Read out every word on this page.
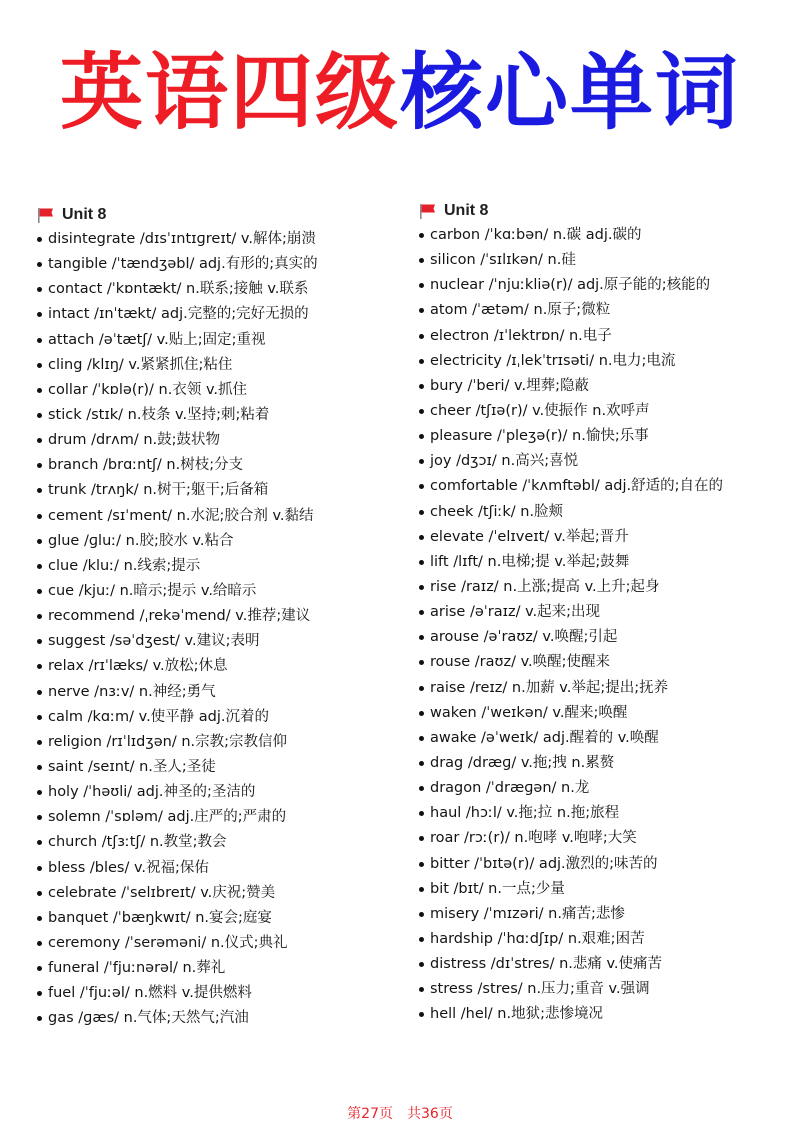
英语四级核心单词
Unit 8
disintegrate /dɪsˈɪntɪɡreɪt/ v.解体;崩溃
tangible /ˈtændʒəbl/ adj.有形的;真实的
contact /ˈkɒntækt/ n.联系;接触 v.联系
intact /ɪnˈtækt/ adj.完整的;完好无损的
attach /əˈtætʃ/ v.贴上;固定;重视
cling /klɪŋ/ v.紧紧抓住;粘住
collar /ˈkɒlə(r)/ n.衣领 v.抓住
stick /stɪk/ n.枝条 v.坚持;刺;粘着
drum /drʌm/ n.鼓;鼓状物
branch /brɑːntʃ/ n.树枝;分支
trunk /trʌŋk/ n.树干;躯干;后备箱
cement /sɪˈment/ n.水泥;胶合剂 v.黏结
glue /ɡluː/ n.胶;胶水 v.粘合
clue /kluː/ n.线索;提示
cue /kjuː/ n.暗示;提示 v.给暗示
recommend /ˌrekəˈmend/ v.推荐;建议
suggest /səˈdʒest/ v.建议;表明
relax /rɪˈlæks/ v.放松;休息
nerve /nɜːv/ n.神经;勇气
calm /kɑːm/ v.使平静 adj.沉着的
religion /rɪˈlɪdʒən/ n.宗教;宗教信仰
saint /seɪnt/ n.圣人;圣徒
holy /ˈhəʊli/ adj.神圣的;圣洁的
solemn /ˈsɒləm/ adj.庄严的;严肃的
church /tʃɜːtʃ/ n.教堂;教会
bless /bles/ v.祝福;保佑
celebrate /ˈselɪbreɪt/ v.庆祝;赞美
banquet /ˈbæŋkwɪt/ n.宴会;庭宴
ceremony /ˈserəməni/ n.仪式;典礼
funeral /ˈfjuːnərəl/ n.葬礼
fuel /ˈfjuːəl/ n.燃料 v.提供燃料
gas /ɡæs/ n.气体;天然气;汽油
Unit 8
carbon /ˈkɑːbən/ n.碳 adj.碳的
silicon /ˈsɪlɪkən/ n.硅
nuclear /ˈnjuːkliə(r)/ adj.原子能的;核能的
atom /ˈætəm/ n.原子;微粒
electron /ɪˈlektrɒn/ n.电子
electricity /ɪˌlekˈtrɪsəti/ n.电力;电流
bury /ˈberi/ v.埋葬;隐蔽
cheer /tʃɪə(r)/ v.使振作 n.欢呼声
pleasure /ˈpleʒə(r)/ n.愉快;乐事
joy /dʒɔɪ/ n.高兴;喜悦
comfortable /ˈkʌmftəbl/ adj.舒适的;自在的
cheek /tʃiːk/ n.脸颊
elevate /ˈelɪveɪt/ v.举起;晋升
lift /lɪft/ n.电梯;提 v.举起;鼓舞
rise /raɪz/ n.上涨;提高 v.上升;起身
arise /əˈraɪz/ v.起来;出现
arouse /əˈraʊz/ v.唤醒;引起
rouse /raʊz/ v.唤醒;使醒来
raise /reɪz/ n.加薪 v.举起;提出;抚养
waken /ˈweɪkən/ v.醒来;唤醒
awake /əˈweɪk/ adj.醒着的 v.唤醒
drag /dræɡ/ v.拖;拽 n.累赘
dragon /ˈdræɡən/ n.龙
haul /hɔːl/ v.拖;拉 n.拖;旅程
roar /rɔː(r)/ n.咆哮 v.咆哮;大笑
bitter /ˈbɪtə(r)/ adj.激烈的;味苦的
bit /bɪt/ n.一点;少量
misery /ˈmɪzəri/ n.痛苦;悲惨
hardship /ˈhɑːdʃɪp/ n.艰难;困苦
distress /dɪˈstres/ n.悲痛 v.使痛苦
stress /stres/ n.压力;重音 v.强调
hell /hel/ n.地狱;悲惨境况
第27页 共36页
